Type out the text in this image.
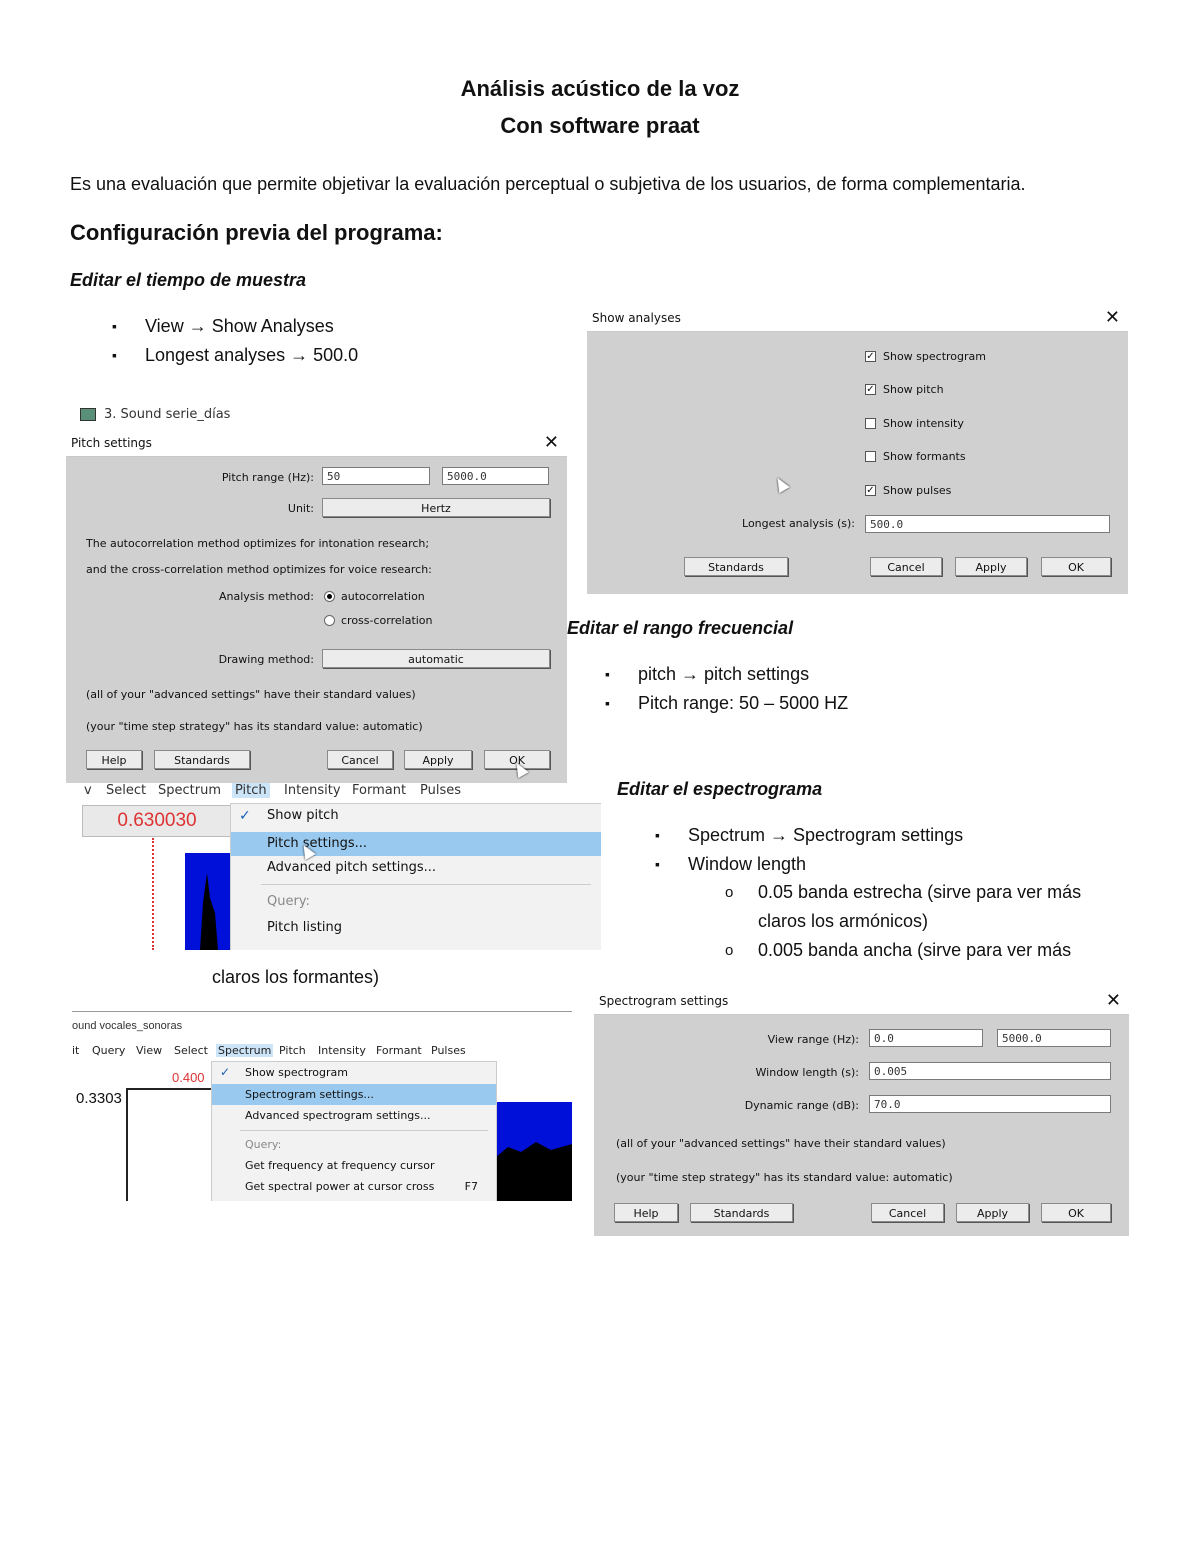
Análisis acústico de la voz
Con software praat
Es una evaluación que permite objetivar la evaluación perceptual o subjetiva de los usuarios, de forma complementaria.
Configuración previa del programa:
Editar el tiempo de muestra
▪ View → Show Analyses
▪ Longest analyses → 500.0
Editar el rango frecuencial
▪ pitch → pitch settings
▪ Pitch range: 50 – 5000 HZ
Editar el espectrograma
▪ Spectrum → Spectrogram settings
▪ Window length
o 0.05 banda estrecha (sirve para ver más
claros los armónicos)
o 0.005 banda ancha (sirve para ver más
claros los formantes)
Show analyses	✕
✓ Show spectrogram
✓ Show pitch
Show intensity
Show formants
✓ Show pulses
Longest analysis (s):	500.0
Standards	Cancel	Apply	OK
3. Sound serie_días
Pitch settings	✕
Pitch range (Hz):	50	5000.0
Unit:	Hertz
The autocorrelation method optimizes for intonation research;
and the cross-correlation method optimizes for voice research:
Analysis method: autocorrelation
cross-correlation
Drawing method:	automatic
(all of your "advanced settings" have their standard values)
(your "time step strategy" has its standard value: automatic)
Help	Standards	Cancel	Apply	OK
v Select Spectrum Pitch Intensity Formant Pulses
0.630030	✓	Show pitch
Pitch settings...
Advanced pitch settings...
Query:
Pitch listing
ound vocales_sonoras
it Query View Select Spectrum Pitch Intensity Formant Pulses
0.400
0.3303
✓	Show spectrogram
Spectrogram settings...
Advanced spectrogram settings...
Query:
Get frequency at frequency cursor
Get spectral power at cursor cross	F7
Spectrogram settings	✕
View range (Hz):	0.0	5000.0
Window length (s):	0.005
Dynamic range (dB):	70.0
(all of your "advanced settings" have their standard values)
(your "time step strategy" has its standard value: automatic)
Help	Standards	Cancel	Apply	OK
